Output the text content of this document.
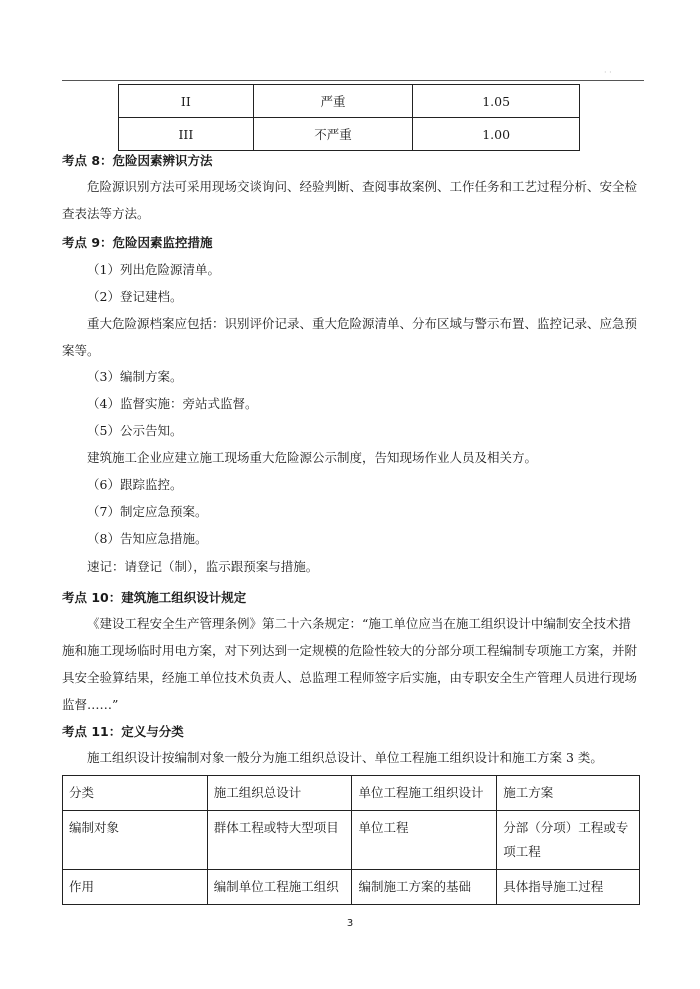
· ·
II	严重	1.05
III	不严重	1.00
考点 8：危险因素辨识方法
危险源识别方法可采用现场交谈询问、经验判断、查阅事故案例、工作任务和工艺过程分析、安全检查表法等方法。
考点 9：危险因素监控措施
（1）列出危险源清单。
（2）登记建档。
重大危险源档案应包括：识别评价记录、重大危险源清单、分布区域与警示布置、监控记录、应急预案等。
（3）编制方案。
（4）监督实施：旁站式监督。
（5）公示告知。
建筑施工企业应建立施工现场重大危险源公示制度，告知现场作业人员及相关方。
（6）跟踪监控。
（7）制定应急预案。
（8）告知应急措施。
速记：请登记（制），监示跟预案与措施。
考点 10：建筑施工组织设计规定
《建设工程安全生产管理条例》第二十六条规定：“施工单位应当在施工组织设计中编制安全技术措施和施工现场临时用电方案，对下列达到一定规模的危险性较大的分部分项工程编制专项施工方案，并附具安全验算结果，经施工单位技术负责人、总监理工程师签字后实施，由专职安全生产管理人员进行现场监督……”
考点 11：定义与分类
施工组织设计按编制对象一般分为施工组织总设计、单位工程施工组织设计和施工方案 3 类。
分类	施工组织总设计	单位工程施工组织设计	施工方案
编制对象	群体工程或特大型项目	单位工程	分部（分项）工程或专项工程
作用	编制单位工程施工组织	编制施工方案的基础	具体指导施工过程
3
